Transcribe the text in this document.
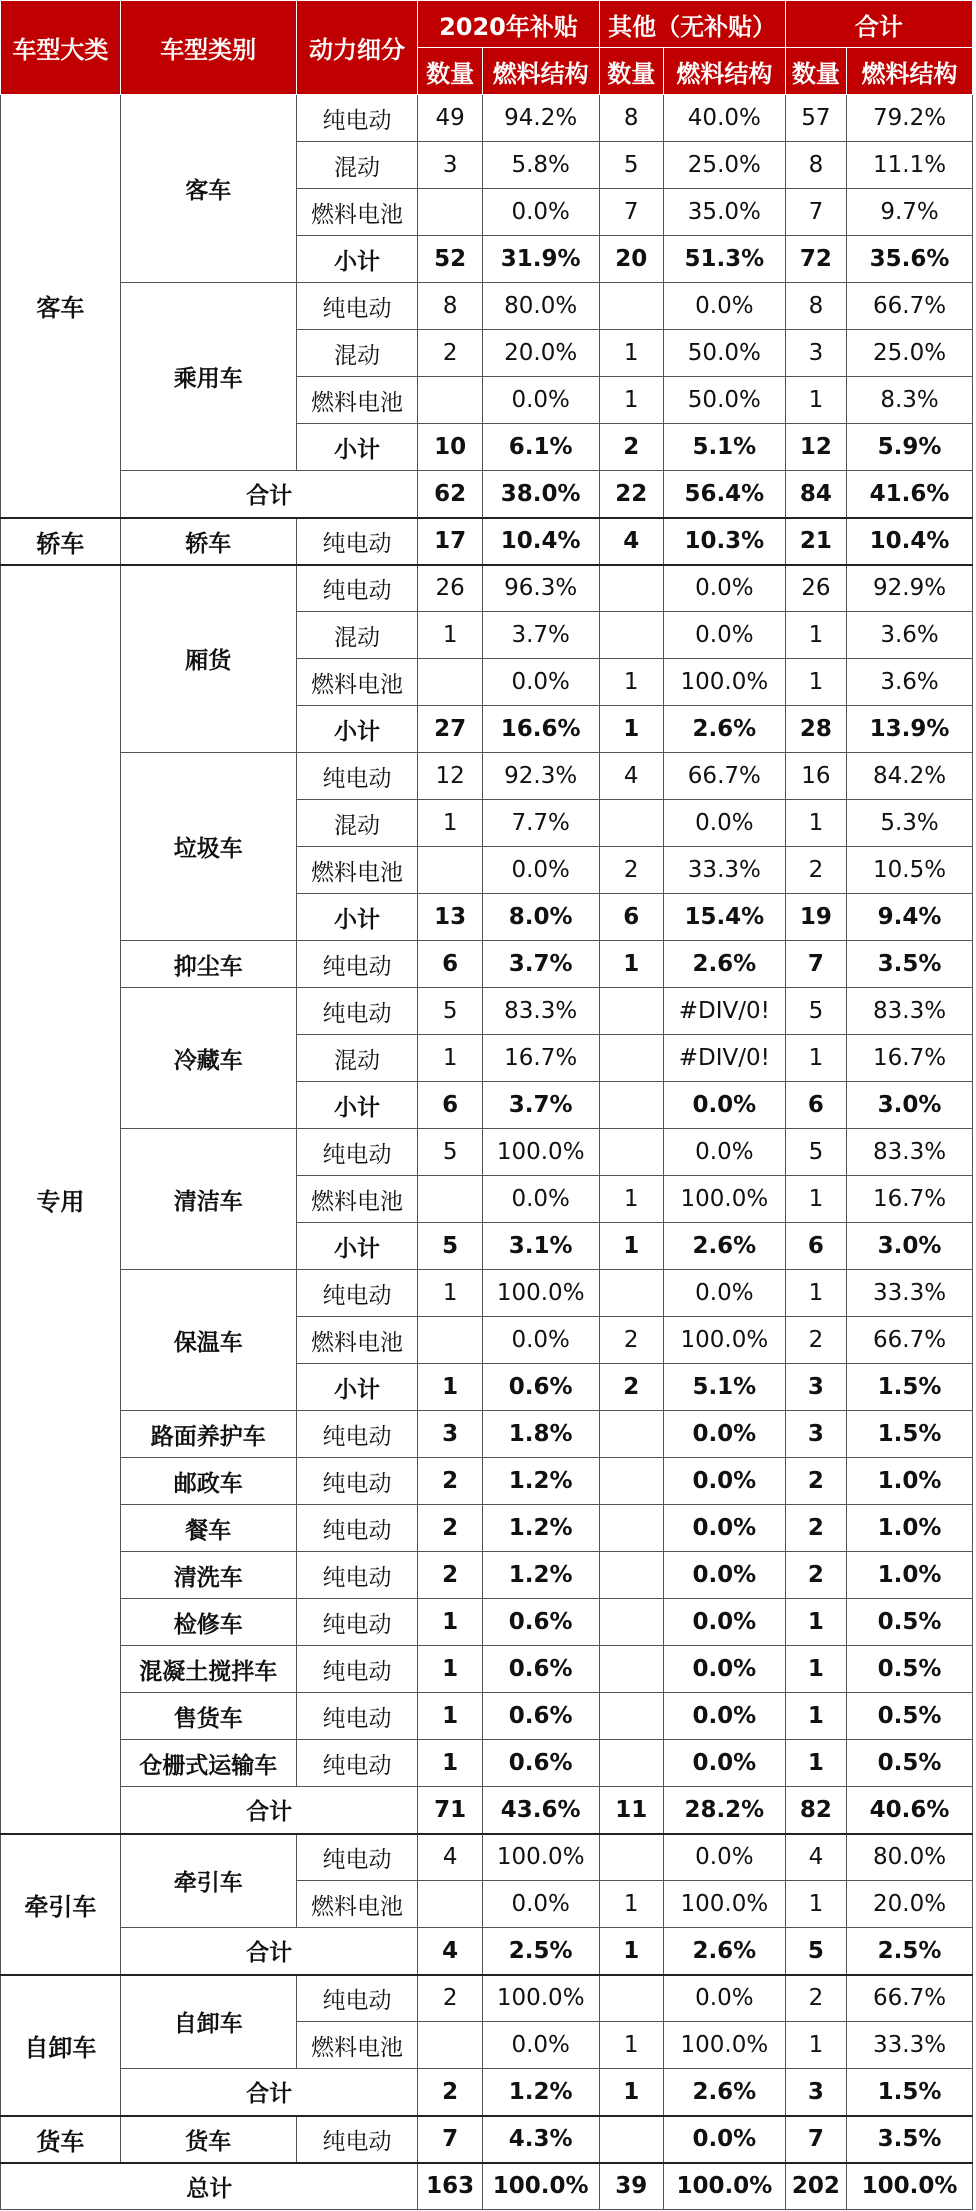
车型大类	车型类别	动力细分	2020年补贴		其他（无补贴）		合计	
			数量	燃料结构	数量	燃料结构	数量	燃料结构
客车	客车	纯电动	49	94.2%	8	40.0%	57	79.2%
		混动	3	5.8%	5	25.0%	8	11.1%
		燃料电池		0.0%	7	35.0%	7	9.7%
		小计	52	31.9%	20	51.3%	72	35.6%
	乘用车	纯电动	8	80.0%		0.0%	8	66.7%
		混动	2	20.0%	1	50.0%	3	25.0%
		燃料电池		0.0%	1	50.0%	1	8.3%
		小计	10	6.1%	2	5.1%	12	5.9%
	合计		62	38.0%	22	56.4%	84	41.6%
轿车	轿车	纯电动	17	10.4%	4	10.3%	21	10.4%
专用	厢货	纯电动	26	96.3%		0.0%	26	92.9%
		混动	1	3.7%		0.0%	1	3.6%
		燃料电池		0.0%	1	100.0%	1	3.6%
		小计	27	16.6%	1	2.6%	28	13.9%
	垃圾车	纯电动	12	92.3%	4	66.7%	16	84.2%
		混动	1	7.7%		0.0%	1	5.3%
		燃料电池		0.0%	2	33.3%	2	10.5%
		小计	13	8.0%	6	15.4%	19	9.4%
	抑尘车	纯电动	6	3.7%	1	2.6%	7	3.5%
	冷藏车	纯电动	5	83.3%		#DIV/0!	5	83.3%
		混动	1	16.7%		#DIV/0!	1	16.7%
		小计	6	3.7%		0.0%	6	3.0%
	清洁车	纯电动	5	100.0%		0.0%	5	83.3%
		燃料电池		0.0%	1	100.0%	1	16.7%
		小计	5	3.1%	1	2.6%	6	3.0%
	保温车	纯电动	1	100.0%		0.0%	1	33.3%
		燃料电池		0.0%	2	100.0%	2	66.7%
		小计	1	0.6%	2	5.1%	3	1.5%
	路面养护车	纯电动	3	1.8%		0.0%	3	1.5%
	邮政车	纯电动	2	1.2%		0.0%	2	1.0%
	餐车	纯电动	2	1.2%		0.0%	2	1.0%
	清洗车	纯电动	2	1.2%		0.0%	2	1.0%
	检修车	纯电动	1	0.6%		0.0%	1	0.5%
	混凝土搅拌车	纯电动	1	0.6%		0.0%	1	0.5%
	售货车	纯电动	1	0.6%		0.0%	1	0.5%
	仓栅式运输车	纯电动	1	0.6%		0.0%	1	0.5%
	合计		71	43.6%	11	28.2%	82	40.6%
牵引车	牵引车	纯电动	4	100.0%		0.0%	4	80.0%
		燃料电池		0.0%	1	100.0%	1	20.0%
	合计		4	2.5%	1	2.6%	5	2.5%
自卸车	自卸车	纯电动	2	100.0%		0.0%	2	66.7%
		燃料电池		0.0%	1	100.0%	1	33.3%
	合计		2	1.2%	1	2.6%	3	1.5%
货车	货车	纯电动	7	4.3%		0.0%	7	3.5%
总计			163	100.0%	39	100.0%	202	100.0%
